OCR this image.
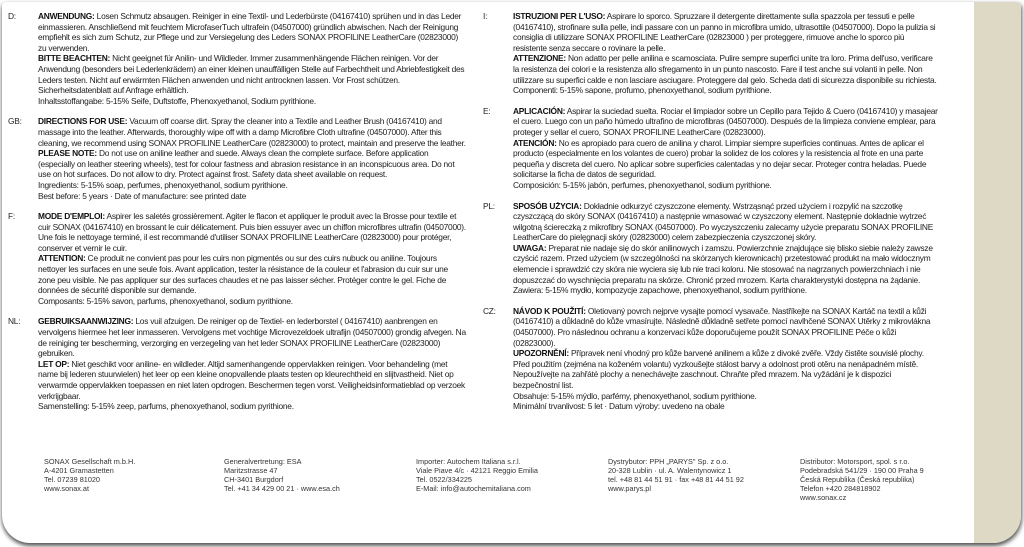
D:	ANWENDUNG: Losen Schmutz absaugen. Reiniger in eine Textil- und Lederbürste (04167410) sprühen und in das Leder einmassieren. Anschließend mit feuchtem MicrofaserTuch ultrafein (04507000) gründlich abwischen. Nach der Reinigung empfiehlt es sich zum Schutz, zur Pflege und zur Versiegelung des Leders SONAX PROFILINE LeatherCare (02823000) zu verwenden.

BITTE BEACHTEN: Nicht geeignet für Anilin- und Wildleder. Immer zusammenhängende Flächen reinigen. Vor der Anwendung (besonders bei Lederlenkrädern) an einer kleinen unauffälligen Stelle auf Farbechtheit und Abriebfestigkeit des Leders testen. Nicht auf erwärmten Flächen anwenden und nicht antrocknen lassen. Vor Frost schützen. Sicherheitsdatenblatt auf Anfrage erhältlich.

Inhaltsstoffangabe: 5-15% Seife, Duftstoffe, Phenoxyethanol, Sodium pyrithione.

GB:	DIRECTIONS FOR USE: Vacuum off coarse dirt. Spray the cleaner into a Textile and Leather Brush (04167410) and massage into the leather. Afterwards, thoroughly wipe off with a damp Microfibre Cloth ultrafine (04507000). After this cleaning, we recommend using SONAX PROFILINE LeatherCare (02823000) to protect, maintain and preserve the leather.

PLEASE NOTE: Do not use on aniline leather and suede. Always clean the complete surface. Before application (especially on leather steering wheels), test for colour fastness and abrasion resistance in an inconspicuous area. Do not use on hot surfaces. Do not allow to dry. Protect against frost. Safety data sheet available on request.

Ingredients: 5-15% soap, perfumes, phenoxyethanol, sodium pyrithione.

Best before: 5 years · Date of manufacture: see printed date

F:	MODE D'EMPLOI: Aspirer les saletés grossièrement. Agiter le flacon et appliquer le produit avec la Brosse pour textile et cuir SONAX (04167410) en brossant le cuir délicatement. Puis bien essuyer avec un chiffon microfibres ultrafin (04507000). Une fois le nettoyage terminé, il est recommandé d'utiliser SONAX PROFILINE LeatherCare (02823000) pour protéger, conserver et vernir le cuir.

ATTENTION: Ce produit ne convient pas pour les cuirs non pigmentés ou sur des cuirs nubuck ou aniline. Toujours nettoyer les surfaces en une seule fois. Avant application, tester la résistance de la couleur et l'abrasion du cuir sur une zone peu visible. Ne pas appliquer sur des surfaces chaudes et ne pas laisser sécher. Protéger contre le gel. Fiche de données de sécurité disponible sur demande.

Composants: 5-15% savon, parfums, phenoxyethanol, sodium pyrithione.

NL:	GEBRUIKSAANWIJZING: Los vuil afzuigen. De reiniger op de Textiel- en lederborstel ( 04167410) aanbrengen en vervolgens hiermee het leer inmasseren. Vervolgens met vochtige Microvezeldoek ultrafijn (04507000) grondig afvegen. Na de reiniging ter bescherming, verzorging en verzegeling van het leder SONAX PROFILINE LeatherCare (02823000) gebruiken.

LET OP: Niet geschikt voor aniline- en wildleder. Altijd samenhangende oppervlakken reinigen. Voor behandeling (met name bij lederen stuurwielen) het leer op een kleine onopvallende plaats testen op kleurechtheid en slijtvastheid. Niet op verwarmde oppervlakken toepassen en niet laten opdrogen. Beschermen tegen vorst. Veiligheidsinformatieblad op verzoek verkrijgbaar.

Samenstelling: 5-15% zeep, parfums, phenoxyethanol, sodium pyrithione.

I:	ISTRUZIONI PER L'USO: Aspirare lo sporco. Spruzzare il detergente direttamente sulla spazzola per tessuti e pelle (04167410), strofinare sulla pelle, indi passare con un panno in microfibra umido, ultrasottile (04507000). Dopo la pulizia si consiglia di utilizzare SONAX PROFILINE LeatherCare (02823000 ) per proteggere, rimuove anche lo sporco più resistente senza seccare o rovinare la pelle.

ATTENZIONE: Non adatto per pelle anilina e scamosciata. Pulire sempre superfici unite tra loro. Prima dell'uso, verificare la resistenza dei colori e la resistenza allo sfregamento in un punto nascosto. Fare il test anche sui volanti in pelle. Non utilizzare su superfici calde e non lasciare asciugare. Proteggere dal gelo. Scheda dati di sicurezza disponibile su richiesta.

Componenti: 5-15% sapone, profumo, phenoxyethanol, sodium pyrithione.

E:	APLICACIÓN: Aspirar la suciedad suelta. Rociar el limpiador sobre un Cepillo para Tejido & Cuero (04167410) y masajear el cuero. Luego con un paño húmedo ultrafino de microfibras (04507000). Después de la limpieza conviene emplear, para proteger y sellar el cuero, SONAX PROFILINE LeatherCare (02823000).

ATENCIÓN: No es apropiado para cuero de anilina y charol. Limpiar siempre superficies continuas. Antes de aplicar el producto (especialmente en los volantes de cuero) probar la solidez de los colores y la resistencia al frote en una parte pequeña y discreta del cuero. No aplicar sobre superficies calentadas y no dejar secar. Proteger contra heladas. Puede solicitarse la ficha de datos de seguridad.

Composición: 5-15% jabón, perfumes, phenoxyethanol, sodium pyrithione.

PL:	SPOSÓB UŻYCIA: Dokładnie odkurzyć czyszczone elementy. Wstrząsnąć przed użyciem i rozpylić na szczotkę czyszczącą do skóry SONAX (04167410) a następnie wmasować w czyszczony element. Następnie dokładnie wytrzeć wilgotną ściereczką z mikrofibry SONAX (04507000). Po wyczyszczeniu zalecamy użycie preparatu SONAX PROFILINE LeatherCare do pielęgnacji skóry (02823000) celem zabezpieczenia czyszczonej skóry.

UWAGA: Preparat nie nadaje się do skór anilinowych i zamszu. Powierzchnie znajdujące się blisko siebie należy zawsze czyścić razem. Przed użyciem (w szczególności na skórzanych kierownicach) przetestować produkt na mało widocznym elemencie i sprawdzić czy skóra nie wyciera się lub nie traci koloru. Nie stosować na nagrzanych powierzchniach i nie dopuszczać do wyschnięcia preparatu na skórze. Chronić przed mrozem. Karta charakterystyki dostępna na żądanie.

Zawiera: 5-15% mydło, kompozycje zapachowe, phenoxyethanol, sodium pyrithione.

CZ:	NÁVOD K POUŽITÍ: Oletiovaný povrch nejprve vysajte pomocí vysavače. Nastříkejte na SONAX Kartáč na textil a kůži (04167410) a důkladně do kůže vmasírujte. Následně důkladně setřete pomocí navlhčené SONAX Utěrky z mikrovlákna (04507000). Pro následnou ochranu a konzervaci kůže doporučujeme použít SONAX PROFILINE Péče o kůži (02823000).

UPOZORNĚNÍ: Přípravek není vhodný pro kůže barvené anilinem a kůže z divoké zvěře. Vždy čistěte souvislé plochy. Před použitím (zejména na koženém volantu) vyzkoušejte stálost barvy a odolnost proti otěru na nenápadném místě. Nepoužívejte na zahřáté plochy a nenechávejte zaschnout. Chraňte před mrazem. Na vyžádání je k dispozici bezpečnostní list.

Obsahuje: 5-15% mýdlo, parfémy, phenoxyethanol, sodium pyrithione.

Minimální trvanlivost: 5 let · Datum výroby: uvedeno na obale

SONAX Gesellschaft m.b.H.
A-4201 Gramastetten
Tel. 07239 81020
www.sonax.at
Generalvertretung: ESA
Maritzstrasse 47
CH-3401 Burgdorf
Tel. +41 34 429 00 21 · www.esa.ch
Importer: Autochem Italiana s.r.l.
Viale Piave 4/c · 42121 Reggio Emilia
Tel. 0522/334225
E-Mail: info@autochemitaliana.com
Dystrybutor: PPH „PARYS" Sp. z o.o.
20-328 Lublin · ul. A. Walentynowicz 1
tel. +48 81 44 51 91 · fax +48 81 44 51 92
www.parys.pl
Distributor: Motorsport, spol. s r.o.
Podebradská 541/29 · 190 00 Praha 9
Česká Republika (Česká republika)
Telefon +420 284818902
www.sonax.cz
